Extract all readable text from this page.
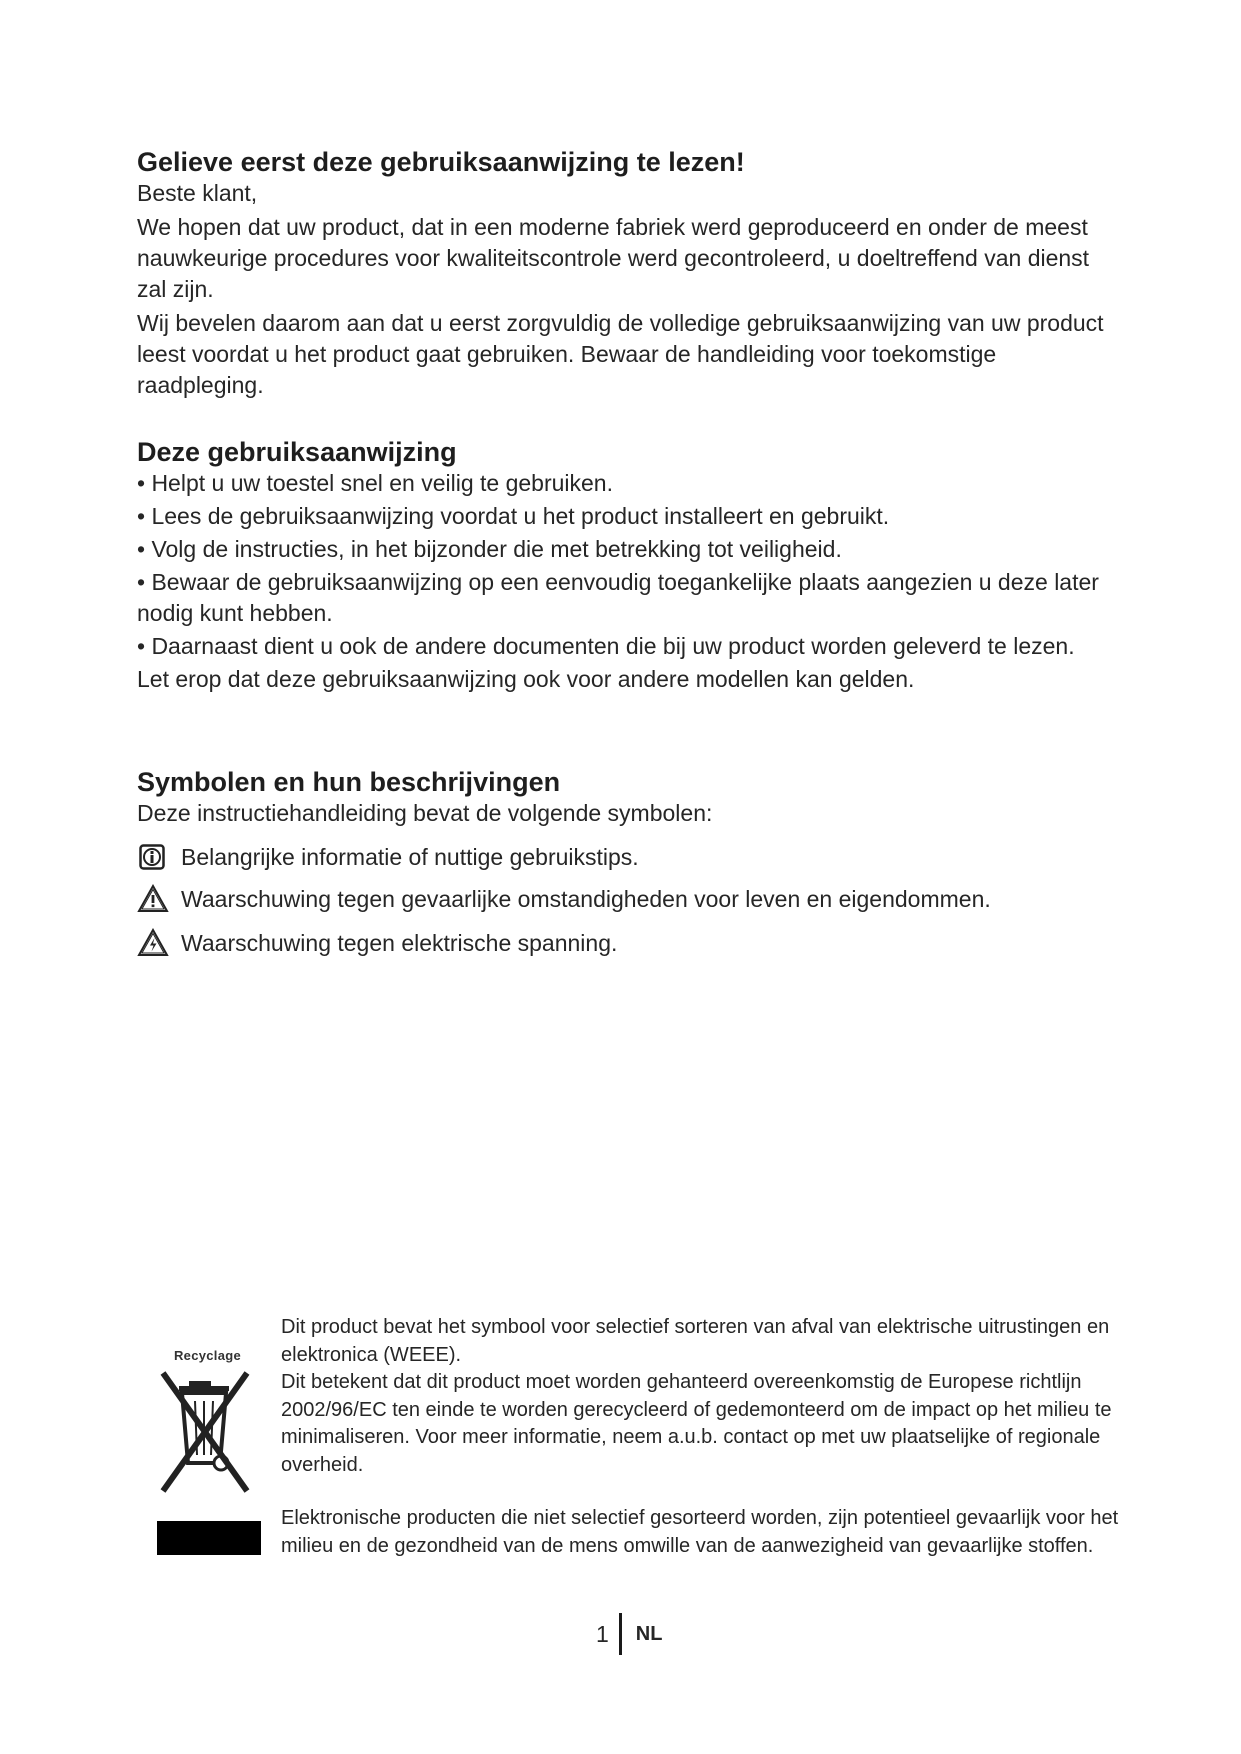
Gelieve eerst deze gebruiksaanwijzing te lezen!

Beste klant,

We hopen dat uw product, dat in een moderne fabriek werd geproduceerd en onder de meest nauwkeurige procedures voor kwaliteitscontrole werd gecontroleerd, u doeltreffend van dienst zal zijn.

Wij bevelen daarom aan dat u eerst zorgvuldig de volledige gebruiksaanwijzing van uw product leest voordat u het product gaat gebruiken. Bewaar de handleiding voor toekomstige raadpleging.

Deze gebruiksaanwijzing

• Helpt u uw toestel snel en veilig te gebruiken.

• Lees de gebruiksaanwijzing voordat u het product installeert en gebruikt.

• Volg de instructies, in het bijzonder die met betrekking tot veiligheid.

• Bewaar de gebruiksaanwijzing op een eenvoudig toegankelijke plaats aangezien u deze later nodig kunt hebben.

• Daarnaast dient u ook de andere documenten die bij uw product worden geleverd te lezen.

Let erop dat deze gebruiksaanwijzing ook voor andere modellen kan gelden.

Symbolen en hun beschrijvingen

Deze instructiehandleiding bevat de volgende symbolen:

Belangrijke informatie of nuttige gebruikstips.
Waarschuwing tegen gevaarlijke omstandigheden voor leven en eigendommen.
Waarschuwing tegen elektrische spanning.
Recyclage
Dit product bevat het symbool voor selectief sorteren van afval van elektrische uitrustingen en elektronica (WEEE).
Dit betekent dat dit product moet worden gehanteerd overeenkomstig de Europese richtlijn 2002/96/EC ten einde te worden gerecycleerd of gedemonteerd om de impact op het milieu te minimaliseren. Voor meer informatie, neem a.u.b. contact op met uw plaatselijke of regionale overheid.
Elektronische producten die niet selectief gesorteerd worden, zijn potentieel gevaarlijk voor het milieu en de gezondheid van de mens omwille van de aanwezigheid van gevaarlijke stoffen.
1 NL
